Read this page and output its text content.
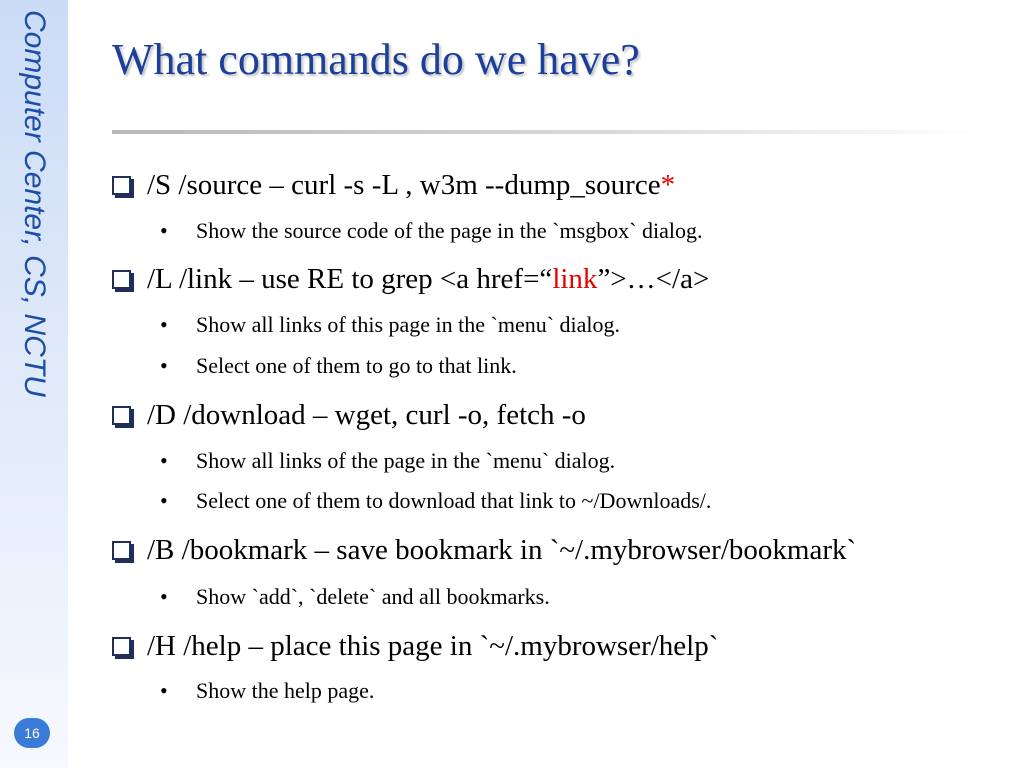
Computer Center, CS, NCTU
16
What commands do we have?
/S /source – curl -s -L , w3m --dump_source*
• Show the source code of the page in the `msgbox` dialog.
/L /link – use RE to grep <a href=“link”>…</a>
• Show all links of this page in the `menu` dialog.
• Select one of them to go to that link.
/D /download – wget, curl -o, fetch -o
• Show all links of the page in the `menu` dialog.
• Select one of them to download that link to ~/Downloads/.
/B /bookmark – save bookmark in `~/.mybrowser/bookmark`
• Show `add`, `delete` and all bookmarks.
/H /help – place this page in `~/.mybrowser/help`
• Show the help page.
